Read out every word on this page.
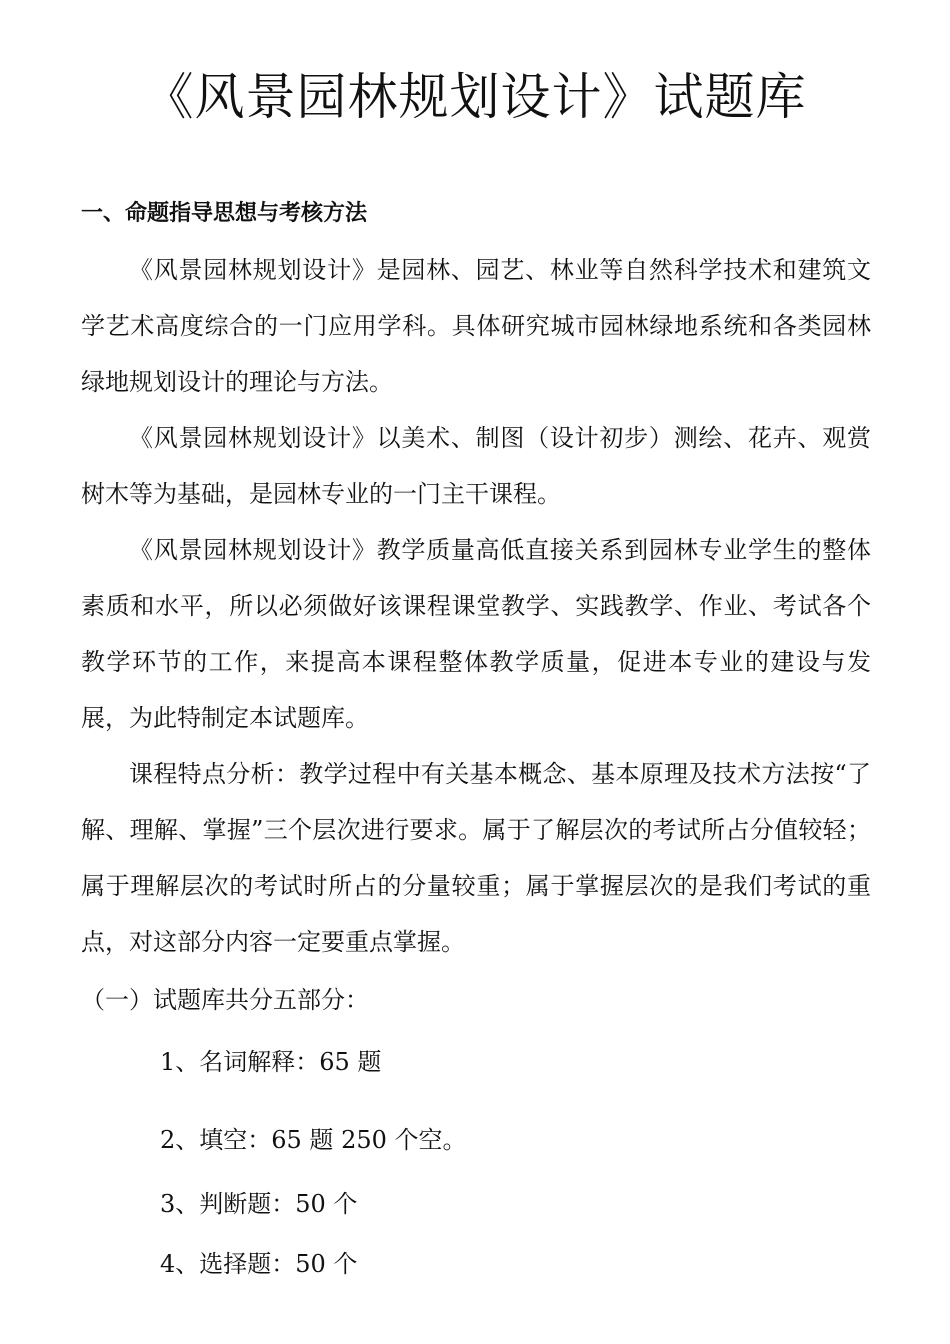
《风景园林规划设计》试题库
一、命题指导思想与考核方法

《风景园林规划设计》是园林、园艺、林业等自然科学技术和建筑文学艺术高度综合的一门应用学科。具体研究城市园林绿地系统和各类园林绿地规划设计的理论与方法。

《风景园林规划设计》以美术、制图（设计初步）测绘、花卉、观赏树木等为基础，是园林专业的一门主干课程。

《风景园林规划设计》教学质量高低直接关系到园林专业学生的整体素质和水平，所以必须做好该课程课堂教学、实践教学、作业、考试各个教学环节的工作，来提高本课程整体教学质量，促进本专业的建设与发展，为此特制定本试题库。

课程特点分析：教学过程中有关基本概念、基本原理及技术方法按“了解、理解、掌握”三个层次进行要求。属于了解层次的考试所占分值较轻；属于理解层次的考试时所占的分量较重；属于掌握层次的是我们考试的重点，对这部分内容一定要重点掌握。

（一）试题库共分五部分：

1、名词解释：65 题

2、填空：65 题 250 个空。

3、判断题：50 个

4、选择题：50 个
